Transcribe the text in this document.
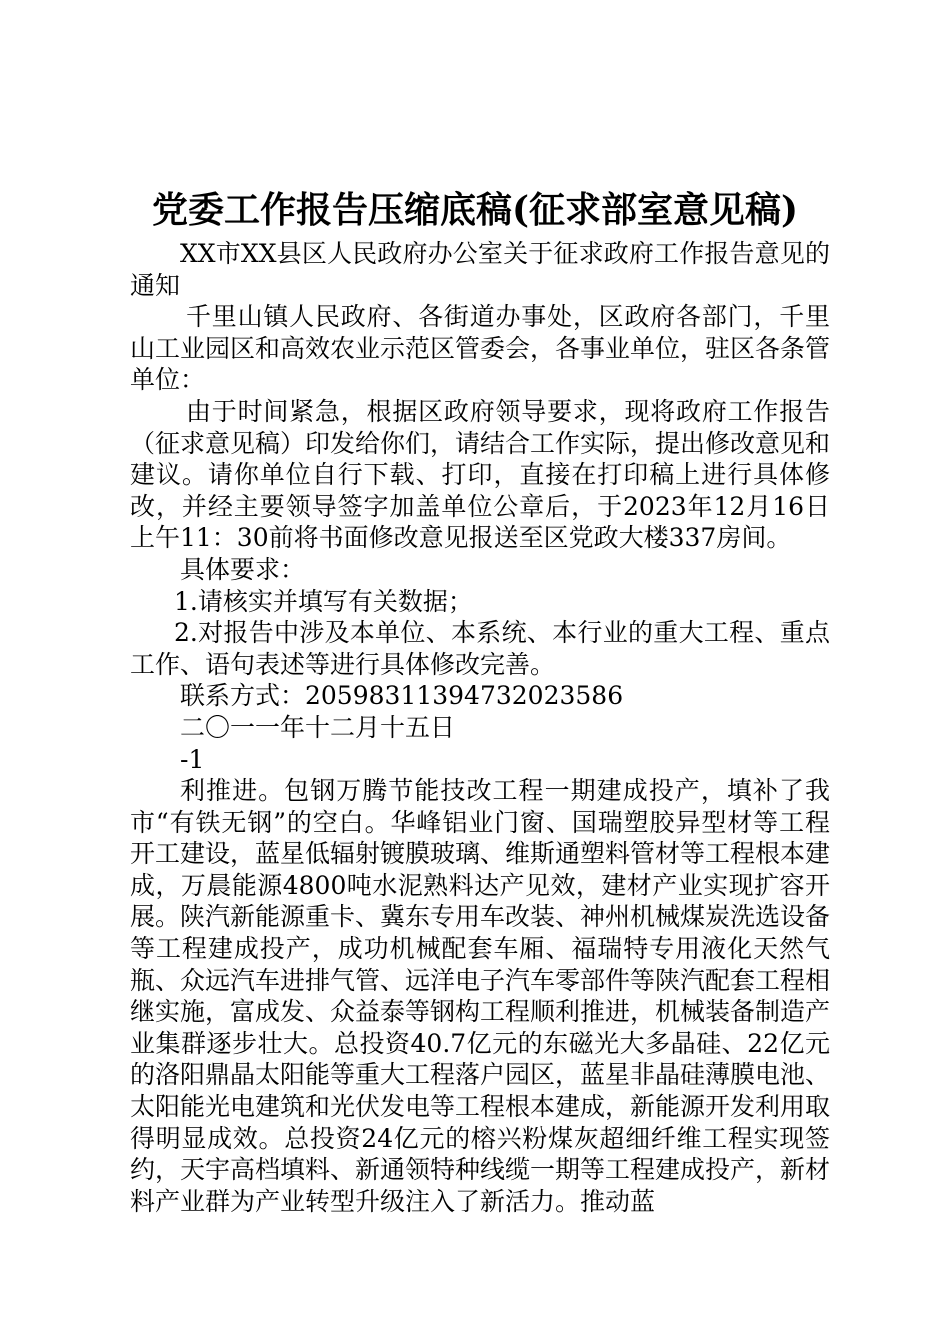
党委工作报告压缩底稿(征求部室意见稿)

XX市XX县区人民政府办公室关于征求政府工作报告意见的通知

千里山镇人民政府、各街道办事处，区政府各部门，千里山工业园区和高效农业示范区管委会，各事业单位，驻区各条管单位：

由于时间紧急，根据区政府领导要求，现将政府工作报告（征求意见稿）印发给你们，请结合工作实际，提出修改意见和建议。请你单位自行下载、打印，直接在打印稿上进行具体修改，并经主要领导签字加盖单位公章后，于2023年12月16日上午11：30前将书面修改意见报送至区党政大楼337房间。

具体要求：

1.请核实并填写有关数据；

2.对报告中涉及本单位、本系统、本行业的重大工程、重点工作、语句表述等进行具体修改完善。

联系方式：20598311394732023586

二〇一一年十二月十五日

-1

利推进。包钢万腾节能技改工程一期建成投产，填补了我市“有铁无钢”的空白。华峰铝业门窗、国瑞塑胶异型材等工程开工建设，蓝星低辐射镀膜玻璃、维斯通塑料管材等工程根本建成，万晨能源4800吨水泥熟料达产见效，建材产业实现扩容开展。陕汽新能源重卡、冀东专用车改装、神州机械煤炭洗选设备等工程建成投产，成功机械配套车厢、福瑞特专用液化天然气瓶、众远汽车进排气管、远洋电子汽车零部件等陕汽配套工程相继实施，富成发、众益泰等钢构工程顺利推进，机械装备制造产业集群逐步壮大。总投资40.7亿元的东磁光大多晶硅、22亿元的洛阳鼎晶太阳能等重大工程落户园区，蓝星非晶硅薄膜电池、太阳能光电建筑和光伏发电等工程根本建成，新能源开发利用取得明显成效。总投资24亿元的榕兴粉煤灰超细纤维工程实现签约，天宇高档填料、新通领特种线缆一期等工程建成投产，新材料产业群为产业转型升级注入了新活力。推动蓝
